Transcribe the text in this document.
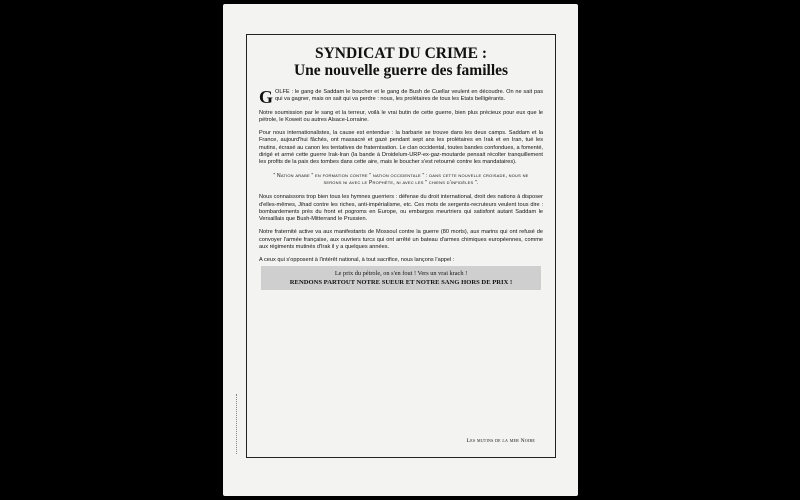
SYNDICAT DU CRIME :
Une nouvelle guerre des familles

GOLFE : le gang de Saddam le boucher et le gang de Bush de Cuellar veulent en découdre. On ne sait pas qui va gagner, mais on sait qui va perdre : nous, les prolétaires de tous les Etats belligérants.

Notre soumission par le sang et la terreur, voilà le vrai butin de cette guerre, bien plus précieux pour eux que le pétrole, le Koweit ou autres Alsace-Lorraine.

Pour nous internationalistes, la cause est entendue : la barbarie se trouve dans les deux camps. Saddam et la France, aujourd'hui fâchés, ont massacré et gazé pendant sept ans les prolétaires en Irak et en Iran, tué les mutins, écrasé au canon les tentatives de fraternisation. Le clan occidental, toutes bandes confondues, a fomenté, dirigé et armé cette guerre Irak-Iran (la bande à Droidelum-URP-ex-gaz-moutarde pensait récolter tranquillement les profits de la paix des tombes dans cette aire, mais le boucher s'est retourné contre les mandataires).

" Nation arabe " en formation contre " nation occidentale " : dans cette nouvelle croisade, nous ne serons ni avec le Prophète, ni avec les " chiens d'infidèles ".

Nous connaissons trop bien tous les hymnes guerriers : défense du droit international, droit des nations à disposer d'elles-mêmes, Jihad contre les riches, anti-impérialisme, etc. Ces mots de sergents-recruteurs veulent tous dire : bombardements près du front et pogroms en Europe, ou embargos meurtriers qui satisfont autant Saddam le Versaillais que Bush-Mitterrand le Prussien.

Notre fraternité active va aux manifestants de Mossoul contre la guerre (80 morts), aux marins qui ont refusé de convoyer l'armée française, aux ouvriers turcs qui ont arrêté un bateau d'armes chimiques européennes, comme aux régiments mutinés d'Irak il y a quelques années.

A ceux qui s'opposent à l'intérêt national, à tout sacrifice, nous lançons l'appel :
Le prix du pétrole, on s'en fout ! Vers un vrai krach !
RENDONS PARTOUT NOTRE SUEUR ET NOTRE SANG HORS DE PRIX !
Les mutins de la mer Noire
